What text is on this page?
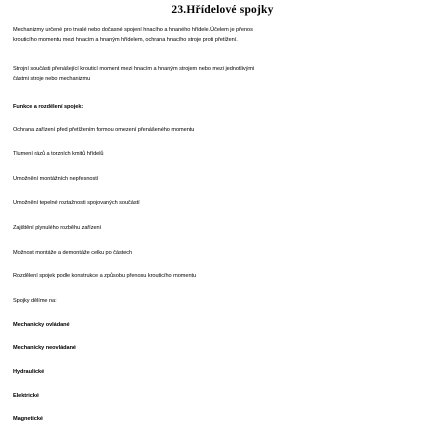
23.Hřídelové spojky
Mechanizmy určené pro trvalé nebo dočasné spojení hnacího a hnaného hřídele.Účelem je přenos
krouticího momentu mezi hnacím a hnaným hřídelem, ochrana hnacího stroje proti přetížení.
Strojní součásti přenášející krouticí moment mezi hnacím a hnaným strojem nebo mezi jednotlivými
částmi stroje nebo mechanizmu
Funkce a rozdělení spojek:
Ochrana zařízení před přetížením formou omezení přenášeného momentu
Tlumení rázů a torzních kmitů hřídelů
Umožnění montážních nepřesností
Umožnění tepelné roztažnosti spojovaných součástí
Zajištění plynulého rozběhu zařízení
Možnost montáže a demontáže celku po částech
Rozdělení spojek podle konstrukce a způsobu přenosu krouticího momentu
Spojky dělíme na:
Mechanicky ovládané
Mechanicky neovládané
Hydraulické
Elektrické
Magnetické
